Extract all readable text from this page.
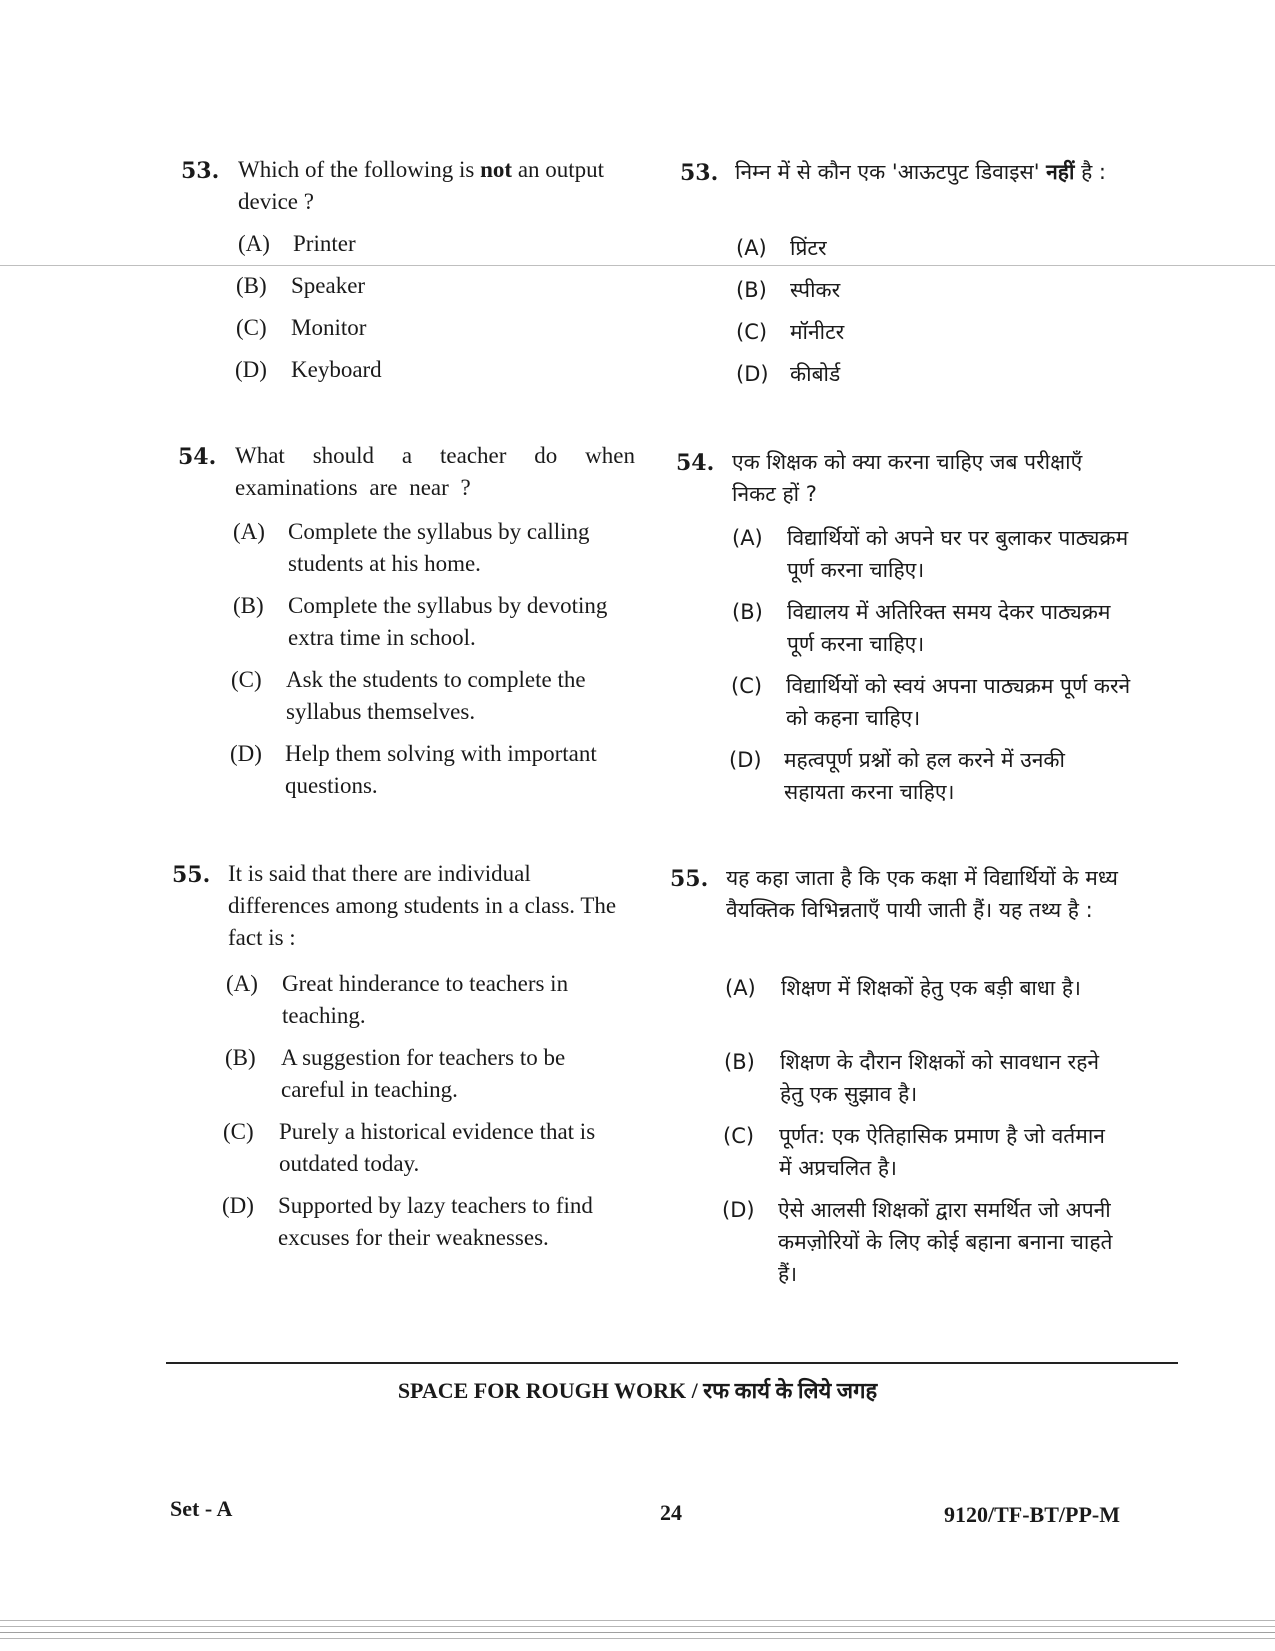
53. Which of the following is not an output device ?
(A) Printer
(B) Speaker
(C) Monitor
(D) Keyboard
53. निम्न में से कौन एक 'आऊटपुट डिवाइस' नहीं है :
(A) प्रिंटर
(B) स्पीकर
(C) मॉनीटर
(D) कीबोर्ड
54. What should a teacher do when examinations are near ?
(A) Complete the syllabus by calling students at his home.
(B) Complete the syllabus by devoting extra time in school.
(C) Ask the students to complete the syllabus themselves.
(D) Help them solving with important questions.
54. एक शिक्षक को क्या करना चाहिए जब परीक्षाएँ निकट हों ?
(A) विद्यार्थियों को अपने घर पर बुलाकर पाठ्यक्रम पूर्ण करना चाहिए।
(B) विद्यालय में अतिरिक्त समय देकर पाठ्यक्रम पूर्ण करना चाहिए।
(C) विद्यार्थियों को स्वयं अपना पाठ्यक्रम पूर्ण करने को कहना चाहिए।
(D) महत्वपूर्ण प्रश्नों को हल करने में उनकी सहायता करना चाहिए।
55. It is said that there are individual differences among students in a class. The fact is :
(A) Great hinderance to teachers in teaching.
(B) A suggestion for teachers to be careful in teaching.
(C) Purely a historical evidence that is outdated today.
(D) Supported by lazy teachers to find excuses for their weaknesses.
55. यह कहा जाता है कि एक कक्षा में विद्यार्थियों के मध्य वैयक्तिक विभिन्नताएँ पायी जाती हैं। यह तथ्य है :
(A) शिक्षण में शिक्षकों हेतु एक बड़ी बाधा है।
(B) शिक्षण के दौरान शिक्षकों को सावधान रहने हेतु एक सुझाव है।
(C) पूर्णत: एक ऐतिहासिक प्रमाण है जो वर्तमान में अप्रचलित है।
(D) ऐसे आलसी शिक्षकों द्वारा समर्थित जो अपनी कमज़ोरियों के लिए कोई बहाना बनाना चाहते हैं।
SPACE FOR ROUGH WORK / रफ कार्य के लिये जगह
Set - A	24	9120/TF-BT/PP-M
